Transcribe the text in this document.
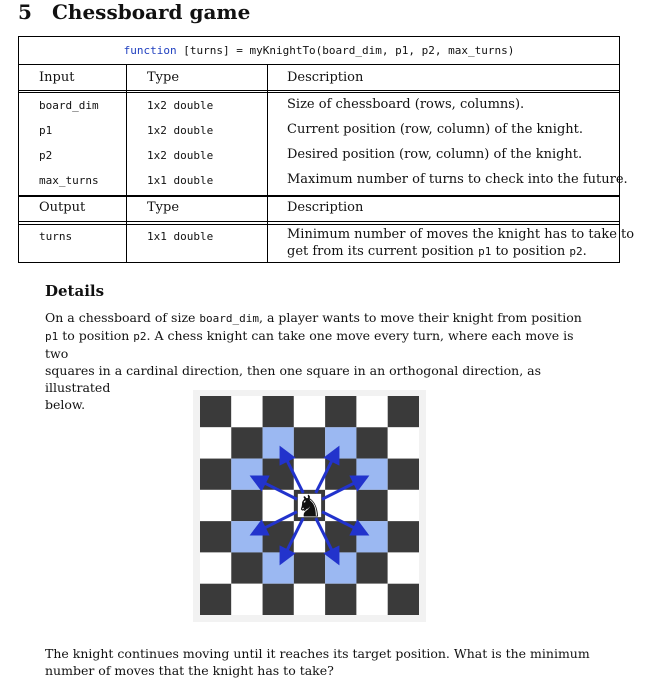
5 Chessboard game
function [turns] = myKnightTo(board_dim, p1, p2, max_turns)
Input	Type	Description
board_dim	1x2 double	Size of chessboard (rows, columns).
p1	1x2 double	Current position (row, column) of the knight.
p2	1x2 double	Desired position (row, column) of the knight.
max_turns	1x1 double	Maximum number of turns to check into the future.
Output	Type	Description
turns	1x1 double	Minimum number of moves the knight has to take to
get from its current position p1 to position p2.
Details
On a chessboard of size board_dim, a player wants to move their knight from position
p1 to position p2. A chess knight can take one move every turn, where each move is two
squares in a cardinal direction, then one square in an orthogonal direction, as illustrated
below.
♞
The knight continues moving until it reaches its target position. What is the minimum
number of moves that the knight has to take?
